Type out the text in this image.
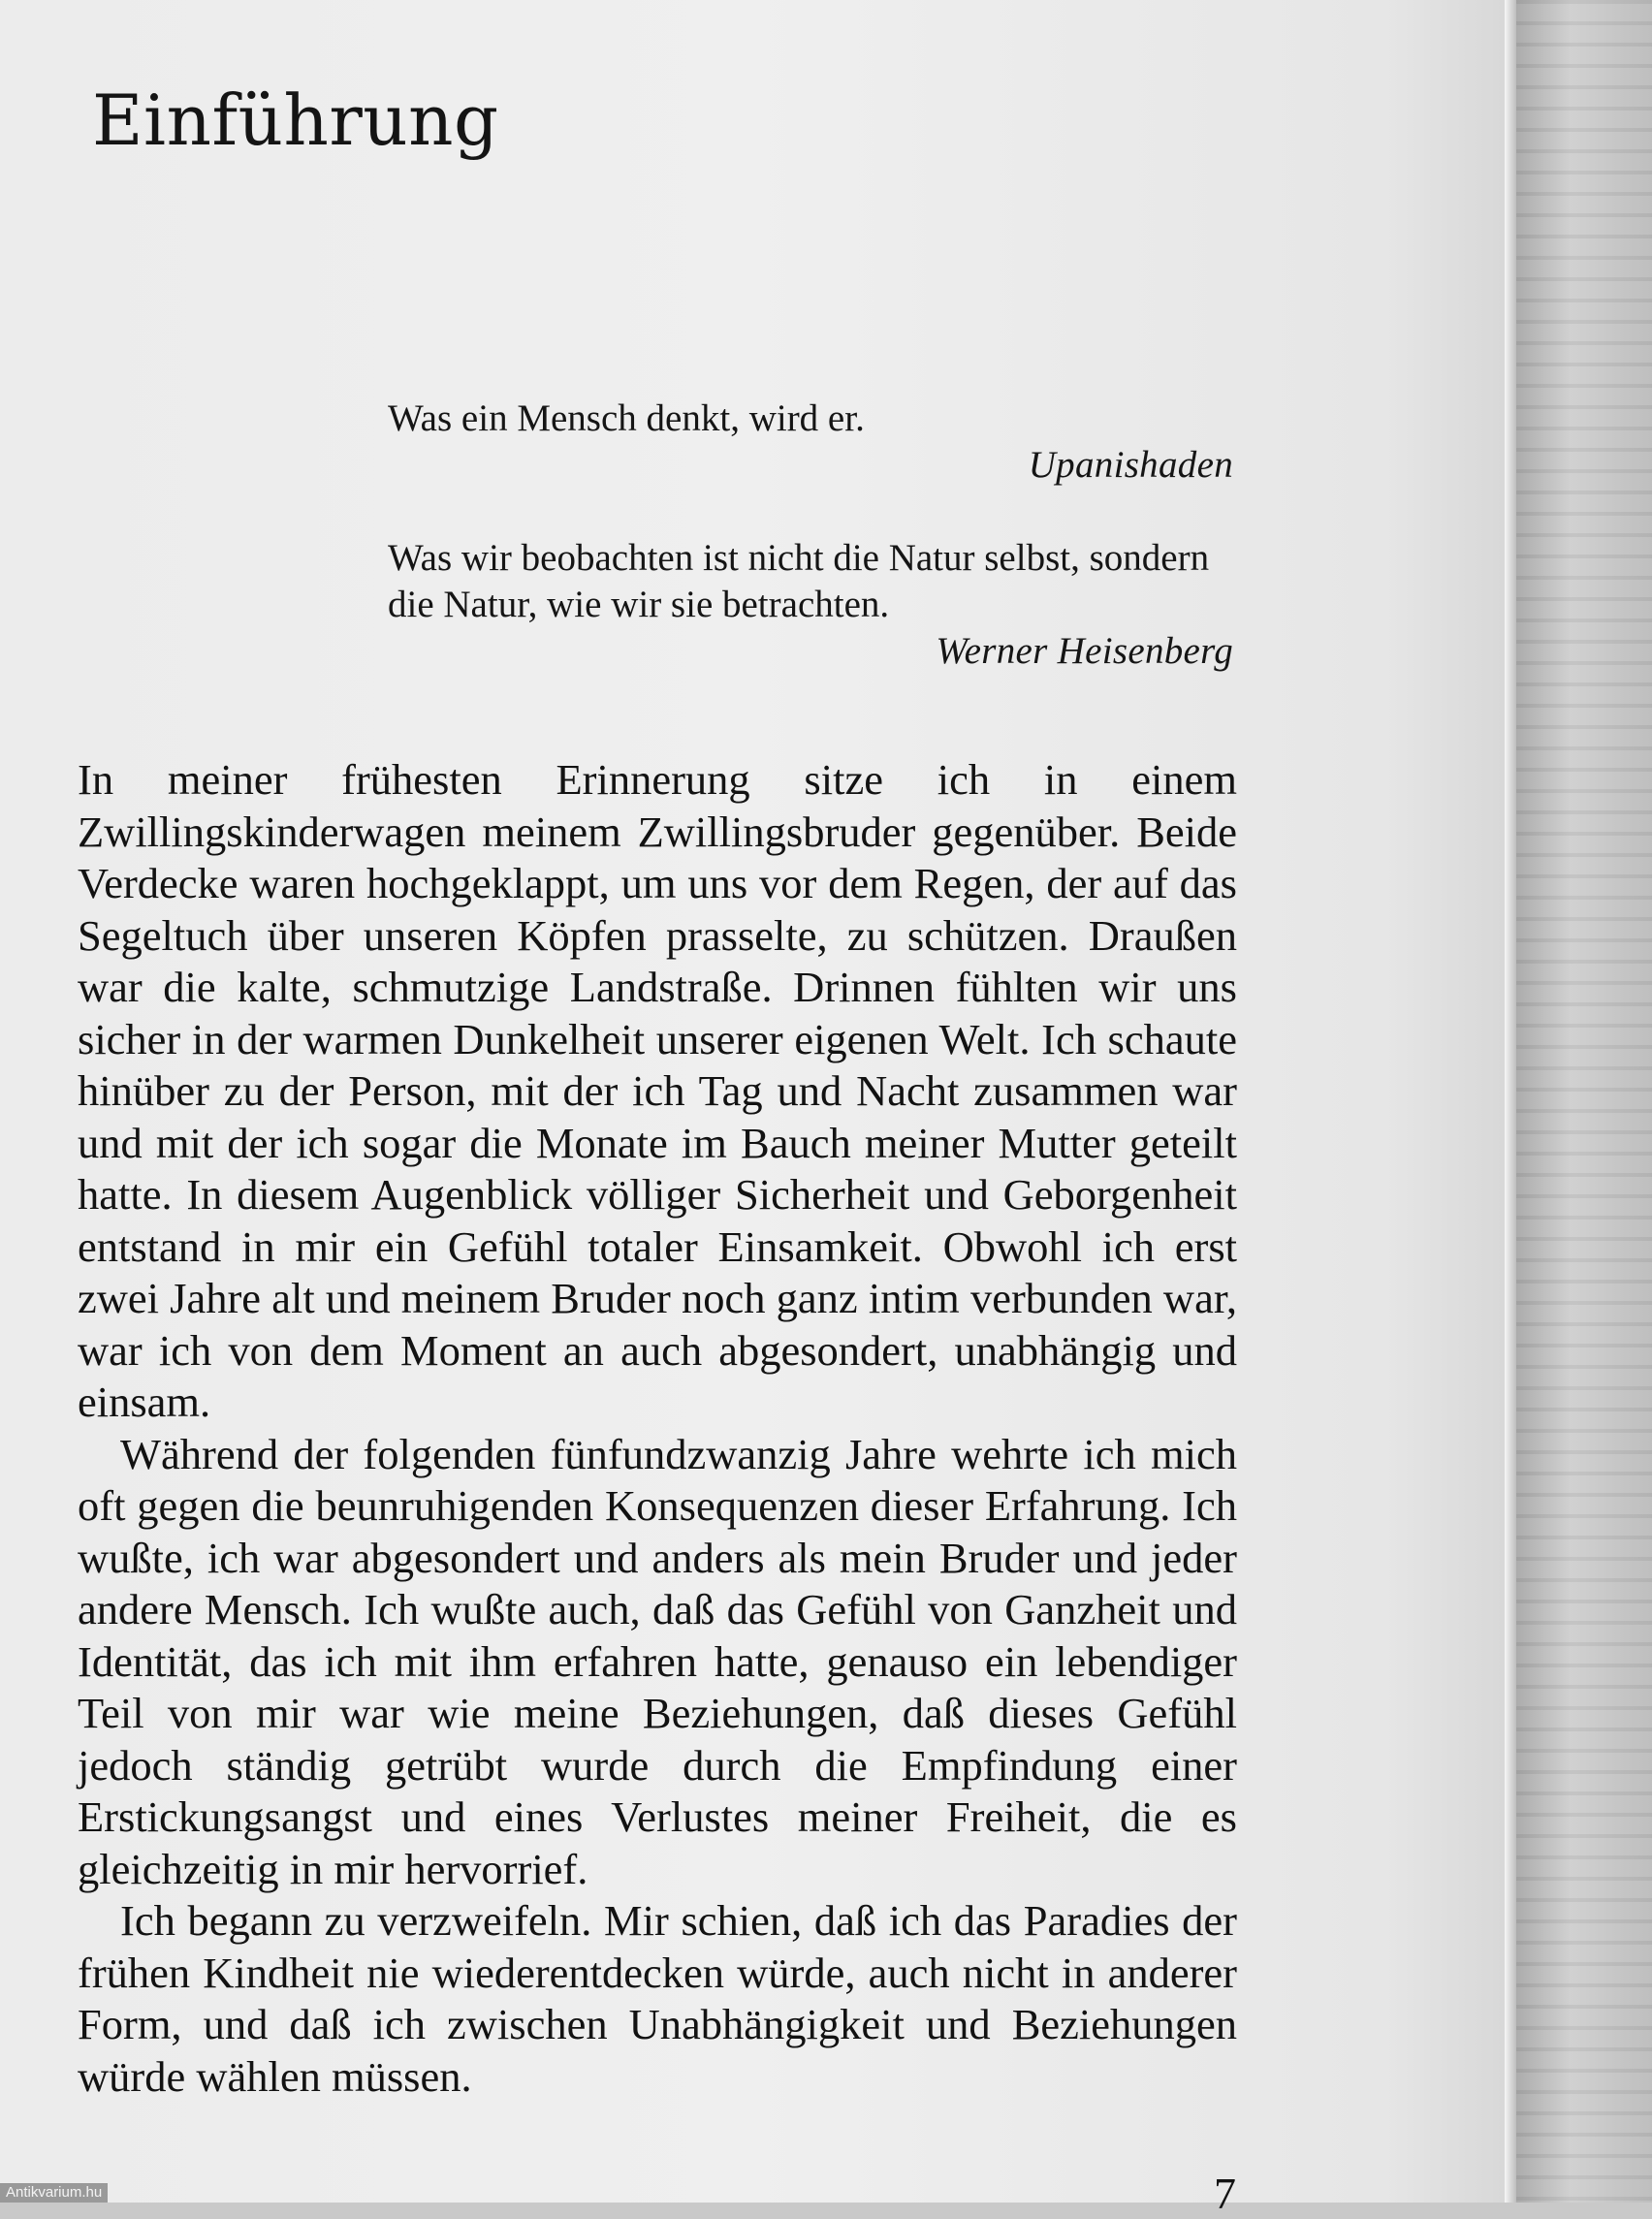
Einführung
Was ein Mensch denkt, wird er.
Upanishaden
Was wir beobachten ist nicht die Natur selbst, sondern die Natur, wie wir sie betrachten.
Werner Heisenberg

In meiner frühesten Erinnerung sitze ich in einem Zwillingskinderwagen meinem Zwillingsbruder gegenüber. Beide Verdecke waren hochgeklappt, um uns vor dem Regen, der auf das Segeltuch über unseren Köpfen prasselte, zu schützen. Draußen war die kalte, schmutzige Landstraße. Drinnen fühlten wir uns sicher in der warmen Dunkelheit unserer eigenen Welt. Ich schaute hinüber zu der Person, mit der ich Tag und Nacht zusammen war und mit der ich sogar die Monate im Bauch meiner Mutter geteilt hatte. In diesem Augenblick völliger Sicherheit und Geborgenheit entstand in mir ein Gefühl totaler Einsamkeit. Obwohl ich erst zwei Jahre alt und meinem Bruder noch ganz intim verbunden war, war ich von dem Moment an auch abgesondert, unabhängig und einsam.

Während der folgenden fünfundzwanzig Jahre wehrte ich mich oft gegen die beunruhigenden Konsequenzen dieser Erfahrung. Ich wußte, ich war abgesondert und anders als mein Bruder und jeder andere Mensch. Ich wußte auch, daß das Gefühl von Ganzheit und Identität, das ich mit ihm erfahren hatte, genauso ein lebendiger Teil von mir war wie meine Beziehungen, daß dieses Gefühl jedoch ständig getrübt wurde durch die Empfindung einer Erstickungsangst und eines Verlustes meiner Freiheit, die es gleichzeitig in mir hervorrief.

Ich begann zu verzweifeln. Mir schien, daß ich das Paradies der frühen Kindheit nie wiederentdecken würde, auch nicht in anderer Form, und daß ich zwischen Unabhängigkeit und Beziehungen würde wählen müssen.

7
Antikvarium.hu
